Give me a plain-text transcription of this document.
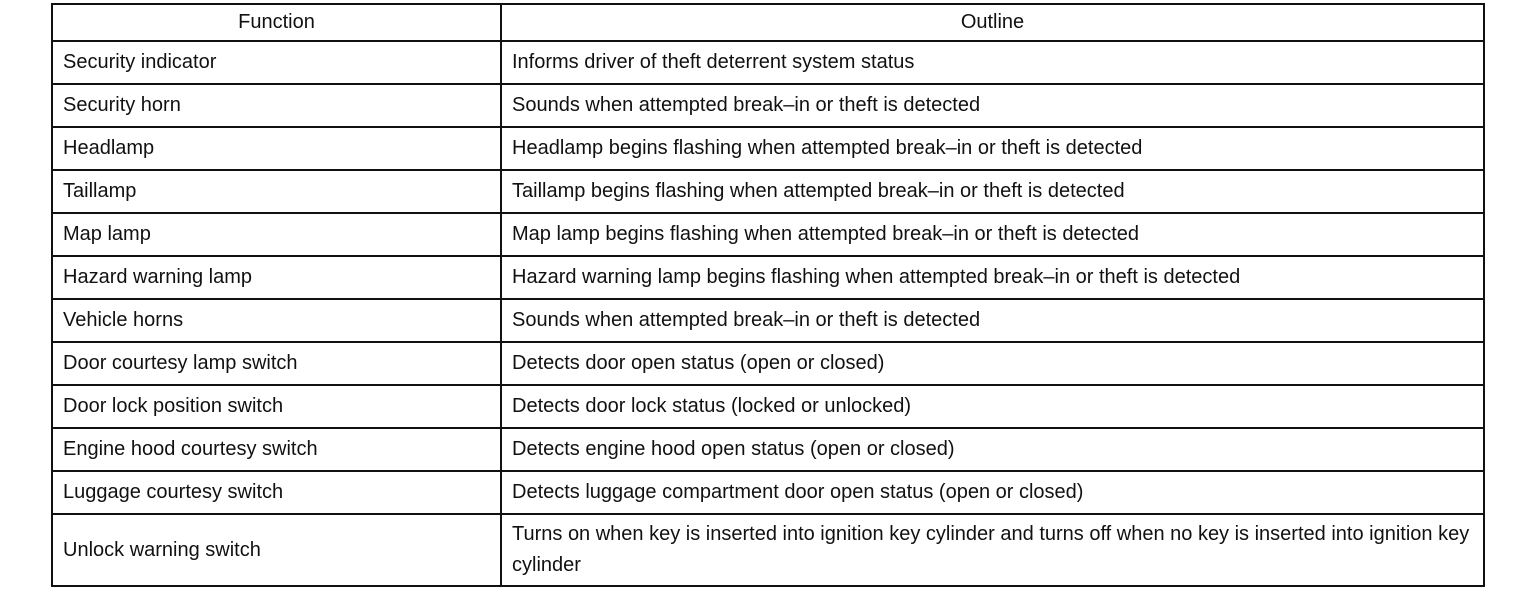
Function	Outline
Security indicator	Informs driver of theft deterrent system status
Security horn	Sounds when attempted break–in or theft is detected
Headlamp	Headlamp begins flashing when attempted break–in or theft is detected
Taillamp	Taillamp begins flashing when attempted break–in or theft is detected
Map lamp	Map lamp begins flashing when attempted break–in or theft is detected
Hazard warning lamp	Hazard warning lamp begins flashing when attempted break–in or theft is detected
Vehicle horns	Sounds when attempted break–in or theft is detected
Door courtesy lamp switch	Detects door open status (open or closed)
Door lock position switch	Detects door lock status (locked or unlocked)
Engine hood courtesy switch	Detects engine hood open status (open or closed)
Luggage courtesy switch	Detects luggage compartment door open status (open or closed)
Unlock warning switch	Turns on when key is inserted into ignition key cylinder and turns off when no key is inserted into ignition key cylinder
